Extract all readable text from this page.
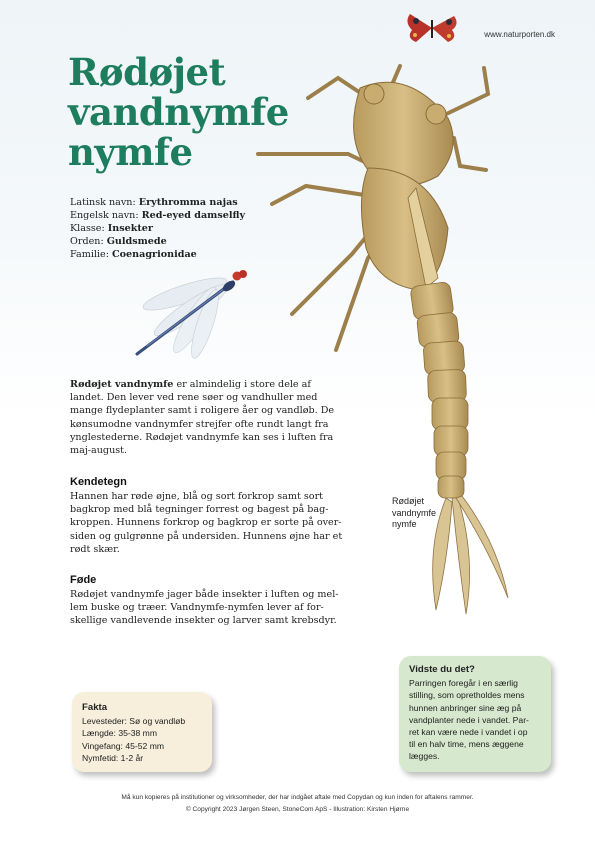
www.naturporten.dk
Rødøjet
vandnymfe
nymfe
Latinsk navn: Erythromma najas
Engelsk navn: Red-eyed damselfly
Klasse: Insekter
Orden: Guldsmede
Familie: Coenagrionidae
Rødøjet vandnymfe er almindelig i store dele af
landet. Den lever ved rene søer og vandhuller med
mange flydeplanter samt i roligere åer og vandløb. De
kønsumodne vandnymfer strejfer ofte rundt langt fra
ynglestederne. Rødøjet vandnymfe kan ses i luften fra
maj-august.
Kendetegn
Hannen har røde øjne, blå og sort forkrop samt sort
bagkrop med blå tegninger forrest og bagest på bag-
kroppen. Hunnens forkrop og bagkrop er sorte på over-
siden og gulgrønne på undersiden. Hunnens øjne har et
rødt skær.
Føde
Rødøjet vandnymfe jager både insekter i luften og mel-
lem buske og træer. Vandnymfe-nymfen lever af for-
skellige vandlevende insekter og larver samt krebsdyr.
Rødøjet
vandnymfe
nymfe
Fakta
Levesteder: Sø og vandløb
Længde: 35-38 mm
Vingefang: 45-52 mm
Nymfetid: 1-2 år
Vidste du det?
Parringen foregår i en særlig
stilling, som opretholdes mens
hunnen anbringer sine æg på
vandplanter nede i vandet. Par-
ret kan være nede i vandet i op
til en halv time, mens æggene
lægges.
Må kun kopieres på institutioner og virksomheder, der har indgået aftale med Copydan og kun inden for aftalens rammer.
© Copyright 2023 Jørgen Steen, StoneCom ApS - Illustration: Kirsten Hjørne
